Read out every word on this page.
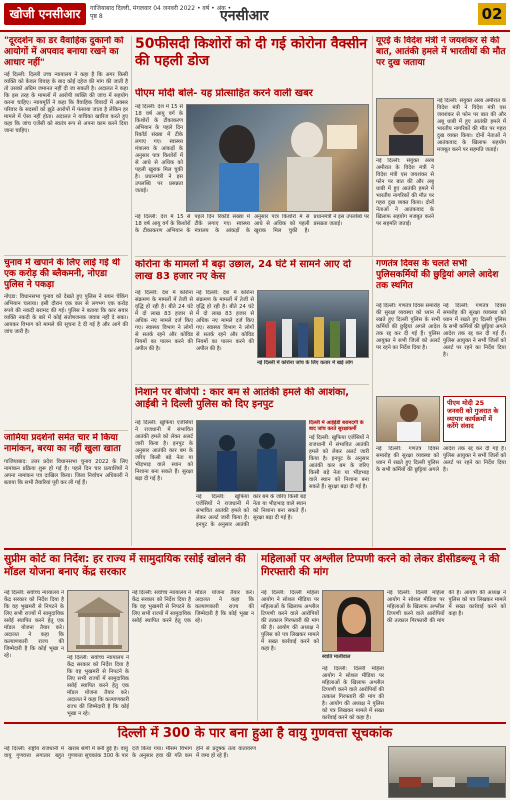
खोजी एनसीआर	गाजियाबाद दिल्ली, मंगलवार 04 जनवरी 2022 • वर्ष • अंक • पृष्ठ 8	एनसीआर	02
"दूरदर्शन का डर वैवाहिक दुकानों को आयोगों में अपवाद बनाया रखने का आधार नहीं"
नई दिल्ली: दिल्ली उच्च न्यायालय ने कहा है कि अगर किसी व्यक्ति को केवल विवाह के बाद कोई दहेज की मांग की जाती है तो उसको अग्रिम जमानत नहीं दी जा सकती है। अदालत ने कहा कि इस तरह के मामलों में आरोपी व्यक्ति की जांच में सहयोग करना चाहिए। न्यायमूर्ति ने कहा कि वैवाहिक विवादों में अक्सर परिवार के सदस्यों को झूठे आरोपों में फंसाया जाता है लेकिन हर मामले में ऐसा नहीं होता। अदालत ने याचिका खारिज करते हुए कहा कि जांच एजेंसी को स्वतंत्र रूप से अपना काम करने दिया जाना चाहिए।
चुनाव में खपाने के लिए लाई गई थी एक करोड़ की ब्लैकमनी, नोएडा पुलिस ने पकड़ा
नोएडा: विधानसभा चुनाव को देखते हुए पुलिस ने सघन चेकिंग अभियान चलाया। इसी दौरान एक कार से लगभग एक करोड़ रुपये की नकदी बरामद की गई। पुलिस ने बताया कि कार सवार व्यक्ति नकदी के बारे में कोई संतोषजनक जवाब नहीं दे सका। आयकर विभाग को मामले की सूचना दे दी गई है और आगे की जांच जारी है।
जामिया प्रदर्शनों समेत चार में किया नामांकन, बरया का नहीं खुला खाता
गाजियाबाद: उत्तर प्रदेश विधानसभा चुनाव 2022 के लिए नामांकन प्रक्रिया शुरू हो गई है। पहले दिन चार प्रत्याशियों ने अपना नामांकन पत्र दाखिल किया। जिला निर्वाचन अधिकारी ने बताया कि सभी तैयारियां पूरी कर ली गई हैं।
50फीसदी किशोरों को दी गई कोरोना वैक्सीन की पहली डोज
पीएम मोदी बोले- यह प्रोत्साहित करने वाली खबर
नई दिल्ली: देश में 15 से 18 वर्ष आयु वर्ग के किशोरों के टीकाकरण अभियान के पहले दिन रिकॉर्ड संख्या में टीके लगाए गए। स्वास्थ्य मंत्रालय के आंकड़ों के अनुसार पात्र किशोरों में से आधे से अधिक को पहली खुराक मिल चुकी है। प्रधानमंत्री ने इस उपलब्धि पर प्रसन्नता जताई।
नई दिल्ली: देश में 15 से 18 वर्ष आयु वर्ग के किशोरों के टीकाकरण अभियान के पहले दिन रिकॉर्ड संख्या में टीके लगाए गए। स्वास्थ्य मंत्रालय के आंकड़ों के अनुसार पात्र किशोरों में से आधे से अधिक को पहली खुराक मिल चुकी है। प्रधानमंत्री ने इस उपलब्धि पर प्रसन्नता जताई।
यूएई के विदेश मंत्री ने जयशंकर से की बात, आतंकी हमले में भारतीयों की मौत पर दुख जताया
नई दिल्ली: संयुक्त अरब अमीरात के विदेश मंत्री ने विदेश मंत्री एस जयशंकर से फोन पर बात की और अबू धाबी में हुए आतंकी हमले में भारतीय नागरिकों की मौत पर गहरा दुख व्यक्त किया। दोनों नेताओं ने आतंकवाद के खिलाफ सहयोग मजबूत करने पर सहमति जताई।
नई दिल्ली: संयुक्त अरब अमीरात के विदेश मंत्री ने विदेश मंत्री एस जयशंकर से फोन पर बात की और अबू धाबी में हुए आतंकी हमले में भारतीय नागरिकों की मौत पर गहरा दुख व्यक्त किया। दोनों नेताओं ने आतंकवाद के खिलाफ सहयोग मजबूत करने पर सहमति जताई।
कोरोना के मामलों में बढ़ा उछाल, 24 घंटे में सामने आए दो लाख 83 हजार नए केस
नई दिल्ली: देश में कोरोना संक्रमण के मामलों में तेजी से वृद्धि हो रही है। बीते 24 घंटे में दो लाख 83 हजार से अधिक नए मामले दर्ज किए गए। स्वास्थ्य विभाग ने लोगों से सतर्क रहने और कोविड नियमों का पालन करने की अपील की है।
नई दिल्ली: देश में कोरोना संक्रमण के मामलों में तेजी से वृद्धि हो रही है। बीते 24 घंटे में दो लाख 83 हजार से अधिक नए मामले दर्ज किए गए। स्वास्थ्य विभाग ने लोगों से सतर्क रहने और कोविड नियमों का पालन करने की अपील की है।
नई दिल्ली में कोरोना जांच के लिए कतार में खड़े लोग
गणतंत्र दिवस के चलते सभी पुलिसकर्मियों की छुट्टियां अगले आदेश तक स्थगित
नई दिल्ली: गणतंत्र दिवस समारोह की सुरक्षा व्यवस्था को ध्यान में रखते हुए दिल्ली पुलिस के सभी कर्मियों की छुट्टियां अगले आदेश तक रद्द कर दी गई हैं। पुलिस आयुक्त ने सभी जिलों को अलर्ट पर रहने का निर्देश दिया है।
नई दिल्ली: गणतंत्र दिवस समारोह की सुरक्षा व्यवस्था को ध्यान में रखते हुए दिल्ली पुलिस के सभी कर्मियों की छुट्टियां अगले आदेश तक रद्द कर दी गई हैं। पुलिस आयुक्त ने सभी जिलों को अलर्ट पर रहने का निर्देश दिया है।
पीएम मोदी 25 जनवरी को गुजरात के व्यापार कार्यक्रमों में करेंगे संवाद
नई दिल्ली: गणतंत्र दिवस समारोह की सुरक्षा व्यवस्था को ध्यान में रखते हुए दिल्ली पुलिस के सभी कर्मियों की छुट्टियां अगले आदेश तक रद्द कर दी गई हैं। पुलिस आयुक्त ने सभी जिलों को अलर्ट पर रहने का निर्देश दिया है।
निशाने पर बीजेपी : कार बम से आतंकी हमले की आशंका, आईबी ने दिल्ली पुलिस को दिए इनपुट
नई दिल्ली: खुफिया एजेंसियों ने राजधानी में संभावित आतंकी हमले को लेकर अलर्ट जारी किया है। इनपुट के अनुसार आतंकी कार बम के जरिए किसी बड़े नेता या भीड़भाड़ वाले स्थान को निशाना बना सकते हैं। सुरक्षा बढ़ा दी गई है।
नई दिल्ली: खुफिया एजेंसियों ने राजधानी में संभावित आतंकी हमले को लेकर अलर्ट जारी किया है। इनपुट के अनुसार आतंकी कार बम के जरिए किसी बड़े नेता या भीड़भाड़ वाले स्थान को निशाना बना सकते हैं। सुरक्षा बढ़ा दी गई है।
दिल्ली में आईईडी बरामदगी के बाद जांच करते सुरक्षाकर्मी
नई दिल्ली: खुफिया एजेंसियों ने राजधानी में संभावित आतंकी हमले को लेकर अलर्ट जारी किया है। इनपुट के अनुसार आतंकी कार बम के जरिए किसी बड़े नेता या भीड़भाड़ वाले स्थान को निशाना बना सकते हैं। सुरक्षा बढ़ा दी गई है।
सुप्रीम कोर्ट का निर्देश: हर राज्य में सामुदायिक रसोई खोलने की मॉडल योजना बनाए केंद्र सरकार
नई दिल्ली: सर्वोच्च न्यायालय ने केंद्र सरकार को निर्देश दिया है कि वह भुखमरी से निपटने के लिए सभी राज्यों में सामुदायिक रसोई स्थापित करने हेतु एक मॉडल योजना तैयार करे। अदालत ने कहा कि कल्याणकारी राज्य की जिम्मेदारी है कि कोई भूखा न रहे।	नई दिल्ली: सर्वोच्च न्यायालय ने केंद्र सरकार को निर्देश दिया है कि वह भुखमरी से निपटने के लिए सभी राज्यों में सामुदायिक रसोई स्थापित करने हेतु एक मॉडल योजना तैयार करे। अदालत ने कहा कि कल्याणकारी राज्य की जिम्मेदारी है कि कोई भूखा न रहे।
नई दिल्ली: सर्वोच्च न्यायालय ने केंद्र सरकार को निर्देश दिया है कि वह भुखमरी से निपटने के लिए सभी राज्यों में सामुदायिक रसोई स्थापित करने हेतु एक मॉडल योजना तैयार करे। अदालत ने कहा कि कल्याणकारी राज्य की जिम्मेदारी है कि कोई भूखा न रहे।
महिलाओं पर अश्लील टिप्पणी करने को लेकर डीसीडब्ल्यू ने की गिरफ्तारी की मांग
नई दिल्ली: दिल्ली महिला आयोग ने सोशल मीडिया पर महिलाओं के खिलाफ अश्लील टिप्पणी करने वाले आरोपियों की तत्काल गिरफ्तारी की मांग की है। आयोग की अध्यक्ष ने पुलिस को पत्र लिखकर मामले में सख्त कार्रवाई करने को कहा है।
स्वाति मालीवाल
नई दिल्ली: दिल्ली महिला आयोग ने सोशल मीडिया पर महिलाओं के खिलाफ अश्लील टिप्पणी करने वाले आरोपियों की तत्काल गिरफ्तारी की मांग की है। आयोग की अध्यक्ष ने पुलिस को पत्र लिखकर मामले में सख्त कार्रवाई करने को कहा है।
नई दिल्ली: दिल्ली महिला आयोग ने सोशल मीडिया पर महिलाओं के खिलाफ अश्लील टिप्पणी करने वाले आरोपियों की तत्काल गिरफ्तारी की मांग की है। आयोग की अध्यक्ष ने पुलिस को पत्र लिखकर मामले में सख्त कार्रवाई करने को कहा है।
दिल्ली में 300 के पार बना हुआ है वायु गुणवत्ता सूचकांक
नई दिल्ली: राष्ट्रीय राजधानी में वायु गुणवत्ता लगातार बहुत खराब श्रेणी में बनी हुई है। वायु गुणवत्ता सूचकांक 300 के पार दर्ज किया गया। मौसम विभाग के अनुसार हवा की गति कम होने से प्रदूषक तत्व वातावरण में जमा हो रहे हैं।
